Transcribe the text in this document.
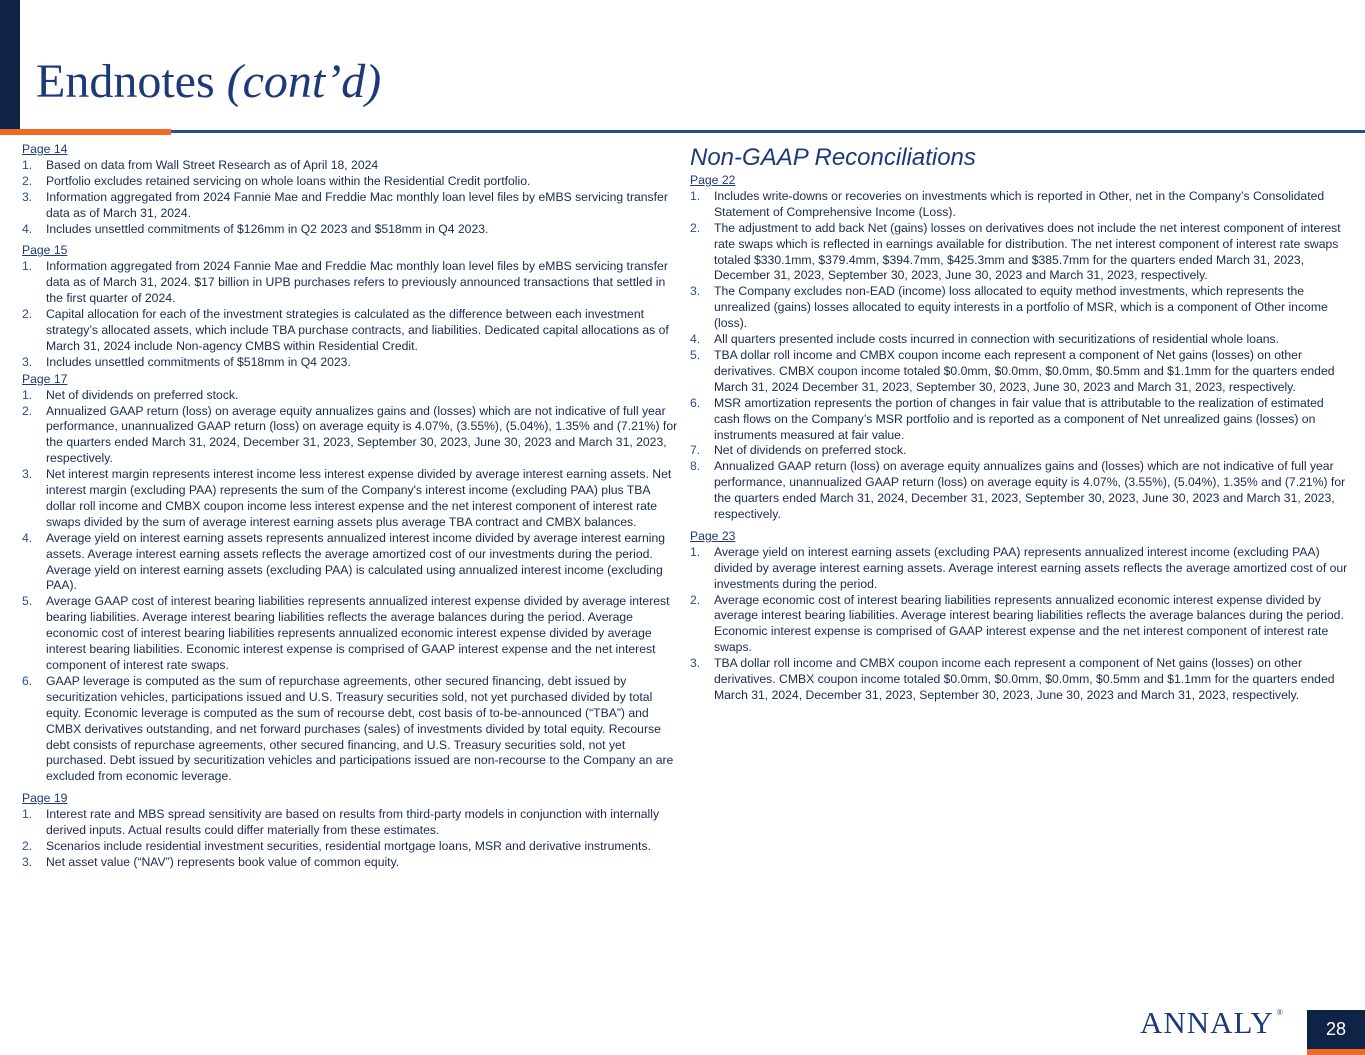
Endnotes (cont’d)
Page 14
1.	Based on data from Wall Street Research as of April 18, 2024
2.	Portfolio excludes retained servicing on whole loans within the Residential Credit portfolio.
3.	Information aggregated from 2024 Fannie Mae and Freddie Mac monthly loan level files by eMBS servicing transfer data as of March 31, 2024.
4.	Includes unsettled commitments of $126mm in Q2 2023 and $518mm in Q4 2023.
Page 15
1.	Information aggregated from 2024 Fannie Mae and Freddie Mac monthly loan level files by eMBS servicing transfer data as of March 31, 2024. $17 billion in UPB purchases refers to previously announced transactions that settled in the first quarter of 2024.
2.	Capital allocation for each of the investment strategies is calculated as the difference between each investment strategy’s allocated assets, which include TBA purchase contracts, and liabilities. Dedicated capital allocations as of March 31, 2024 include Non-agency CMBS within Residential Credit.
3.	Includes unsettled commitments of $518mm in Q4 2023.
Page 17
1.	Net of dividends on preferred stock.
2.	Annualized GAAP return (loss) on average equity annualizes gains and (losses) which are not indicative of full year performance, unannualized GAAP return (loss) on average equity is 4.07%, (3.55%), (5.04%), 1.35% and (7.21%) for the quarters ended March 31, 2024, December 31, 2023, September 30, 2023, June 30, 2023 and March 31, 2023, respectively.
3.	Net interest margin represents interest income less interest expense divided by average interest earning assets. Net interest margin (excluding PAA) represents the sum of the Company's interest income (excluding PAA) plus TBA dollar roll income and CMBX coupon income less interest expense and the net interest component of interest rate swaps divided by the sum of average interest earning assets plus average TBA contract and CMBX balances.
4.	Average yield on interest earning assets represents annualized interest income divided by average interest earning assets. Average interest earning assets reflects the average amortized cost of our investments during the period. Average yield on interest earning assets (excluding PAA) is calculated using annualized interest income (excluding PAA).
5.	Average GAAP cost of interest bearing liabilities represents annualized interest expense divided by average interest bearing liabilities. Average interest bearing liabilities reflects the average balances during the period. Average economic cost of interest bearing liabilities represents annualized economic interest expense divided by average interest bearing liabilities. Economic interest expense is comprised of GAAP interest expense and the net interest component of interest rate swaps.
6.	GAAP leverage is computed as the sum of repurchase agreements, other secured financing, debt issued by securitization vehicles, participations issued and U.S. Treasury securities sold, not yet purchased divided by total equity. Economic leverage is computed as the sum of recourse debt, cost basis of to-be-announced (“TBA”) and CMBX derivatives outstanding, and net forward purchases (sales) of investments divided by total equity. Recourse debt consists of repurchase agreements, other secured financing, and U.S. Treasury securities sold, not yet purchased. Debt issued by securitization vehicles and participations issued are non-recourse to the Company an are excluded from economic leverage.
Page 19
1.	Interest rate and MBS spread sensitivity are based on results from third-party models in conjunction with internally derived inputs. Actual results could differ materially from these estimates.
2.	Scenarios include residential investment securities, residential mortgage loans, MSR and derivative instruments.
3.	Net asset value (“NAV”) represents book value of common equity.
Non-GAAP Reconciliations
Page 22
1.	Includes write-downs or recoveries on investments which is reported in Other, net in the Company’s Consolidated Statement of Comprehensive Income (Loss).
2.	The adjustment to add back Net (gains) losses on derivatives does not include the net interest component of interest rate swaps which is reflected in earnings available for distribution. The net interest component of interest rate swaps totaled $330.1mm, $379.4mm, $394.7mm, $425.3mm and $385.7mm for the quarters ended March 31, 2023, December 31, 2023, September 30, 2023, June 30, 2023 and March 31, 2023, respectively.
3.	The Company excludes non-EAD (income) loss allocated to equity method investments, which represents the unrealized (gains) losses allocated to equity interests in a portfolio of MSR, which is a component of Other income (loss).
4.	All quarters presented include costs incurred in connection with securitizations of residential whole loans.
5.	TBA dollar roll income and CMBX coupon income each represent a component of Net gains (losses) on other derivatives. CMBX coupon income totaled $0.0mm, $0.0mm, $0.0mm, $0.5mm and $1.1mm for the quarters ended March 31, 2024 December 31, 2023, September 30, 2023, June 30, 2023 and March 31, 2023, respectively.
6.	MSR amortization represents the portion of changes in fair value that is attributable to the realization of estimated cash flows on the Company’s MSR portfolio and is reported as a component of Net unrealized gains (losses) on instruments measured at fair value.
7.	Net of dividends on preferred stock.
8.	Annualized GAAP return (loss) on average equity annualizes gains and (losses) which are not indicative of full year performance, unannualized GAAP return (loss) on average equity is 4.07%, (3.55%), (5.04%), 1.35% and (7.21%) for the quarters ended March 31, 2024, December 31, 2023, September 30, 2023, June 30, 2023 and March 31, 2023, respectively.
Page 23
1.	Average yield on interest earning assets (excluding PAA) represents annualized interest income (excluding PAA) divided by average interest earning assets. Average interest earning assets reflects the average amortized cost of our investments during the period.
2.	Average economic cost of interest bearing liabilities represents annualized economic interest expense divided by average interest bearing liabilities. Average interest bearing liabilities reflects the average balances during the period. Economic interest expense is comprised of GAAP interest expense and the net interest component of interest rate swaps.
3.	TBA dollar roll income and CMBX coupon income each represent a component of Net gains (losses) on other derivatives. CMBX coupon income totaled $0.0mm, $0.0mm, $0.0mm, $0.5mm and $1.1mm for the quarters ended March 31, 2024, December 31, 2023, September 30, 2023, June 30, 2023 and March 31, 2023, respectively.
ANNALY ®
28
